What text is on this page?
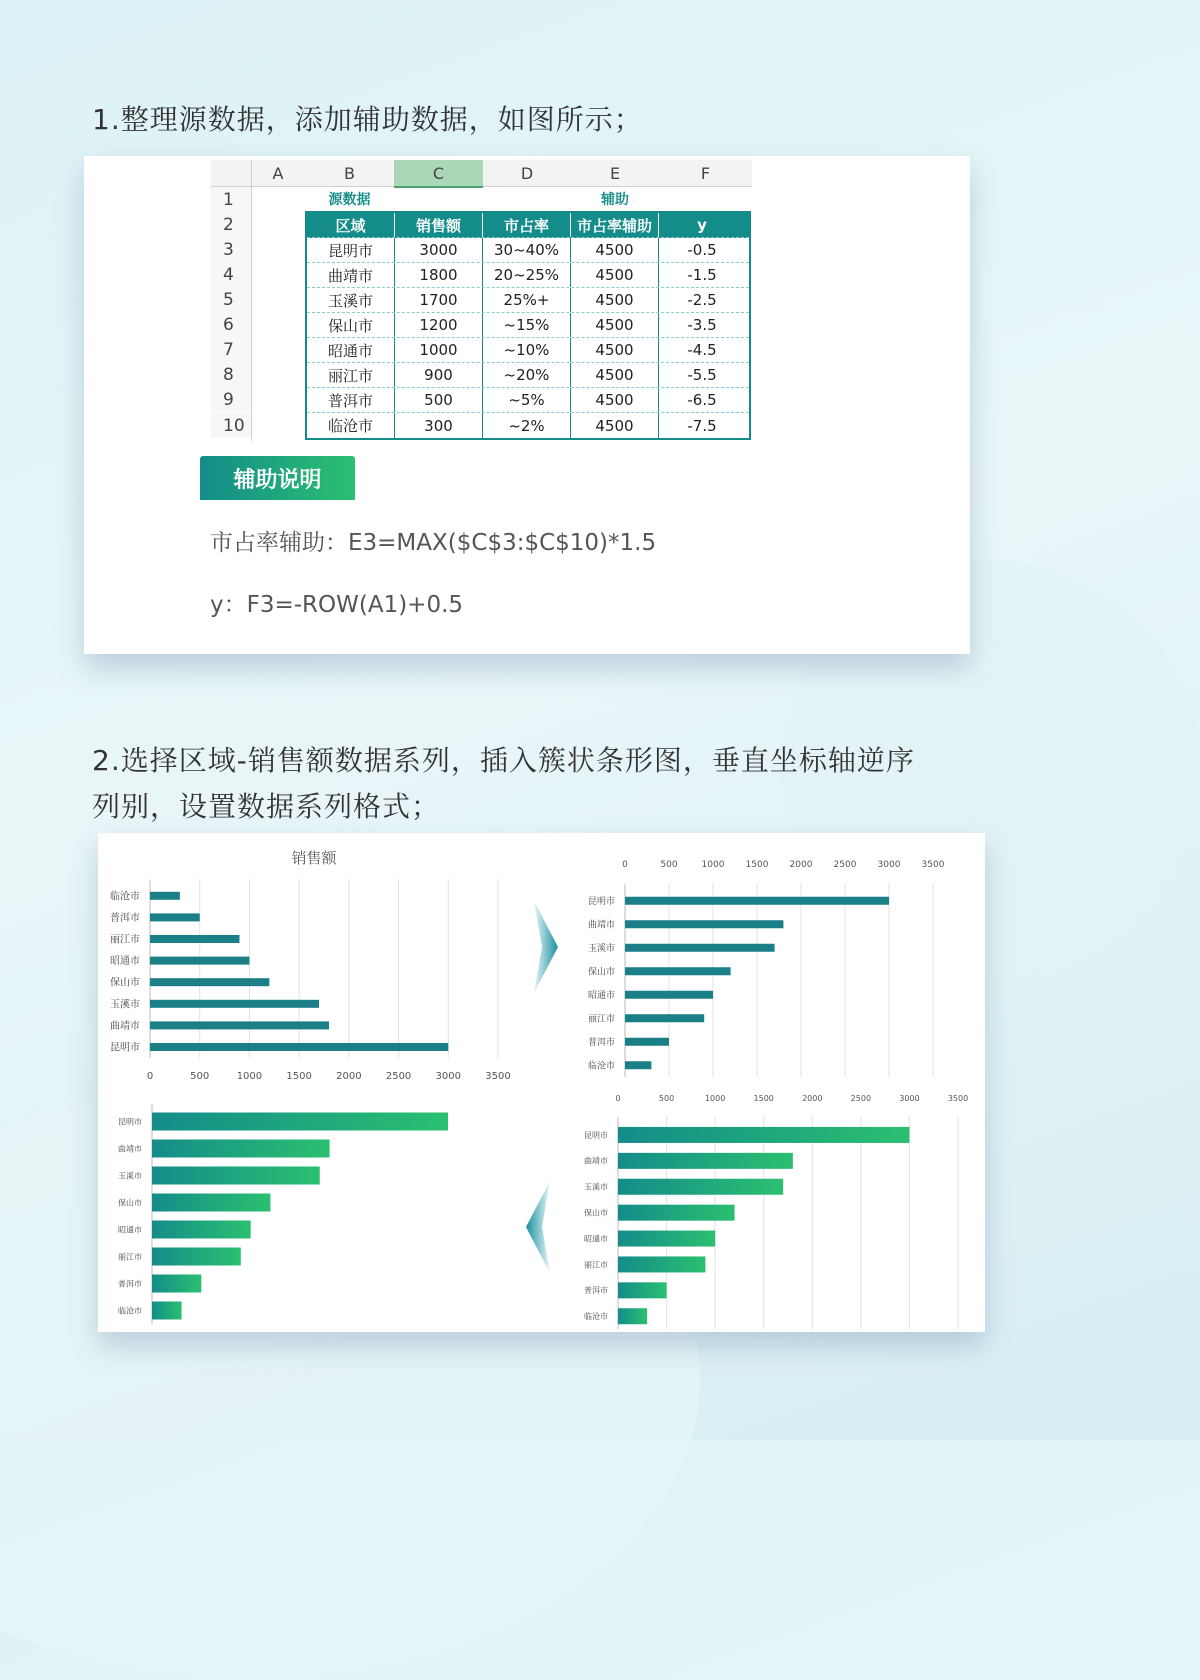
1.整理源数据，添加辅助数据，如图所示；
A	B	C	D	E	F
1
2
3
4
5
6
7
8
9
10
源数据	辅助
区域	销售额	市占率	市占率辅助	y
昆明市	3000	30~40%	4500	-0.5
曲靖市	1800	20~25%	4500	-1.5
玉溪市	1700	25%+	4500	-2.5
保山市	1200	~15%	4500	-3.5
昭通市	1000	~10%	4500	-4.5
丽江市	900	~20%	4500	-5.5
普洱市	500	~5%	4500	-6.5
临沧市	300	~2%	4500	-7.5
辅助说明
市占率辅助：E3=MAX($C$3:$C$10)*1.5
y：F3=-ROW(A1)+0.5
2.选择区域-销售额数据系列，插入簇状条形图，垂直坐标轴逆序
列别，设置数据系列格式；
0	500	1000 1500 2000 2500 3000 3500
销售额
临沧市
普洱市
丽江市
昭通市
保山市
玉溪市
曲靖市
昆明市
0	500	1000 1500 2000 2500 3000 3500
昆明市
曲靖市
玉溪市
保山市
昭通市
丽江市
普洱市
临沧市
0	500	1000	1500	2000	2500	3000	3500
昆明市
曲靖市
玉溪市
保山市
昭通市
丽江市
普洱市
临沧市
昆明市
曲靖市
玉溪市
保山市
昭通市
丽江市
普洱市
临沧市
